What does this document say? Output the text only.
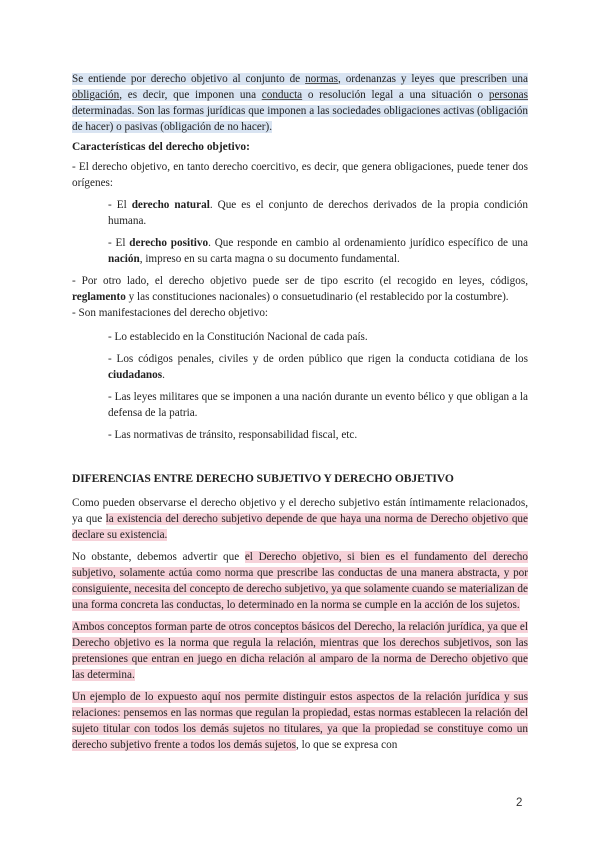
Se entiende por derecho objetivo al conjunto de normas, ordenanzas y leyes que prescriben una obligación, es decir, que imponen una conducta o resolución legal a una situación o personas determinadas. Son las formas jurídicas que imponen a las sociedades obligaciones activas (obligación de hacer) o pasivas (obligación de no hacer).

Características del derecho objetivo:

- El derecho objetivo, en tanto derecho coercitivo, es decir, que genera obligaciones, puede tener dos orígenes:

- El derecho natural. Que es el conjunto de derechos derivados de la propia condición humana.

- El derecho positivo. Que responde en cambio al ordenamiento jurídico específico de una nación, impreso en su carta magna o su documento fundamental.

- Por otro lado, el derecho objetivo puede ser de tipo escrito (el recogido en leyes, códigos, reglamento y las constituciones nacionales) o consuetudinario (el restablecido por la costumbre).

- Son manifestaciones del derecho objetivo:

- Lo establecido en la Constitución Nacional de cada país.

- Los códigos penales, civiles y de orden público que rigen la conducta cotidiana de los ciudadanos.

- Las leyes militares que se imponen a una nación durante un evento bélico y que obligan a la defensa de la patria.

- Las normativas de tránsito, responsabilidad fiscal, etc.

DIFERENCIAS ENTRE DERECHO SUBJETIVO Y DERECHO OBJETIVO

Como pueden observarse el derecho objetivo y el derecho subjetivo están íntimamente relacionados, ya que la existencia del derecho subjetivo depende de que haya una norma de Derecho objetivo que declare su existencia.

No obstante, debemos advertir que el Derecho objetivo, si bien es el fundamento del derecho subjetivo, solamente actúa como norma que prescribe las conductas de una manera abstracta, y por consiguiente, necesita del concepto de derecho subjetivo, ya que solamente cuando se materializan de una forma concreta las conductas, lo determinado en la norma se cumple en la acción de los sujetos.

Ambos conceptos forman parte de otros conceptos básicos del Derecho, la relación jurídica, ya que el Derecho objetivo es la norma que regula la relación, mientras que los derechos subjetivos, son las pretensiones que entran en juego en dicha relación al amparo de la norma de Derecho objetivo que las determina.

Un ejemplo de lo expuesto aquí nos permite distinguir estos aspectos de la relación jurídica y sus relaciones: pensemos en las normas que regulan la propiedad, estas normas establecen la relación del sujeto titular con todos los demás sujetos no titulares, ya que la propiedad se constituye como un derecho subjetivo frente a todos los demás sujetos, lo que se expresa con

2
